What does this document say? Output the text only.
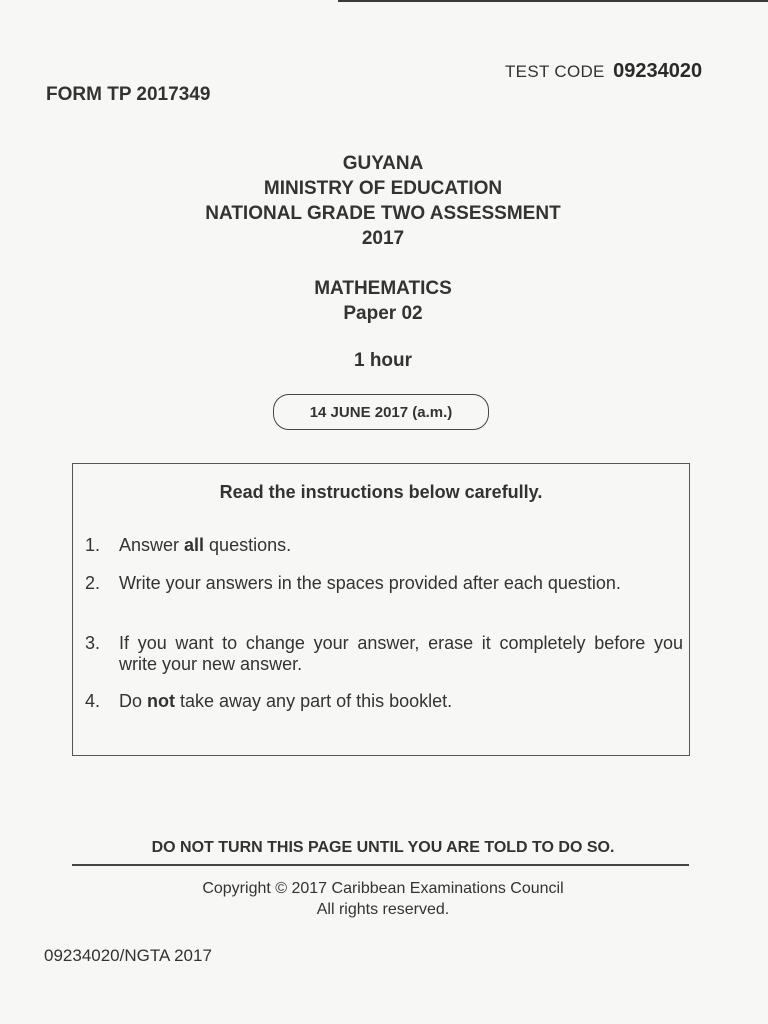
TEST CODE 09234020
FORM TP 2017349
GUYANA
MINISTRY OF EDUCATION
NATIONAL GRADE TWO ASSESSMENT
2017
MATHEMATICS
Paper 02
1 hour
14 JUNE 2017 (a.m.)
Read the instructions below carefully.
1.	Answer all questions.
2.	Write your answers in the spaces provided after each question.
3.	If you want to change your answer, erase it completely before you write your new answer.
4.	Do not take away any part of this booklet.
DO NOT TURN THIS PAGE UNTIL YOU ARE TOLD TO DO SO.
Copyright © 2017 Caribbean Examinations Council
All rights reserved.
09234020/NGTA 2017
